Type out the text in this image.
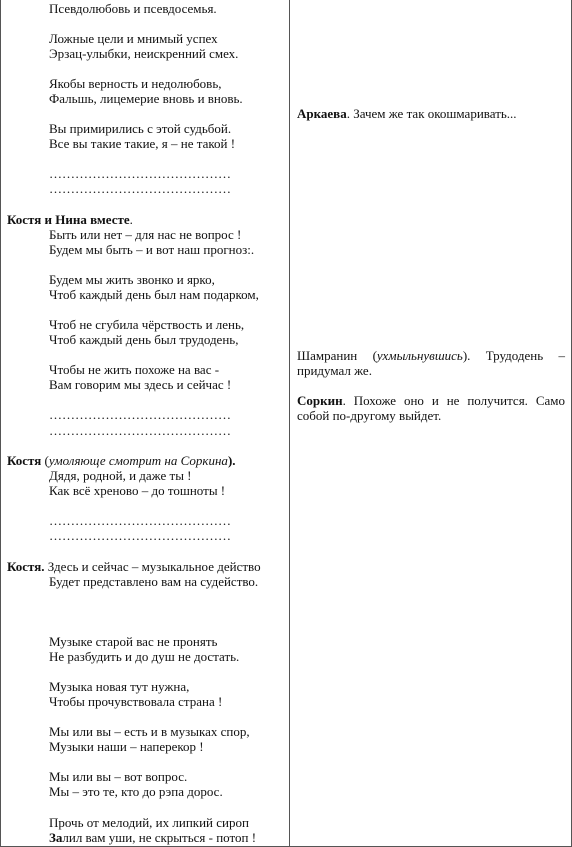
Псевдолюбовь и псевдосемья.
Ложные цели и мнимый успех
Эрзац-улыбки, неискренний смех.
Якобы верность и недолюбовь,
Фальшь, лицемерие вновь и вновь.
Вы примирились с этой судьбой.
Все вы такие такие, я – не такой !
……………………………………
……………………………………
Быть или нет – для нас не вопрос !
Будем мы быть – и вот наш прогноз:.
Будем мы жить звонко и ярко,
Чтоб каждый день был нам подарком,
Чтоб не сгубила чёрствость и лень,
Чтоб каждый день был трудодень,
Чтобы не жить похоже на вас -
Вам говорим мы здесь и сейчас !
……………………………………
……………………………………
Дядя, родной, и даже ты !
Как всё хреново – до тошноты !
……………………………………
……………………………………
Будет представлено вам на судейство.
Музыке старой вас не пронять
Не разбудить и до душ не достать.
Музыка новая тут нужна,
Чтобы прочувствовала страна !
Мы или вы – есть и в музыках спор,
Музыки наши – наперекор !
Мы или вы – вот вопрос.
Мы – это те, кто до рэпа дорос.
Прочь от мелодий, их липкий сироп
Костя и Нина вместе.
Костя (умоляюще смотрит на Соркина).
Костя. Здесь и сейчас – музыкальное действо
Залил вам уши, не скрыться - потоп !
Аркаева. Зачем же так окошмаривать...
Шамранин (ухмыльнувшись). Трудодень – придумал же.
Соркин. Похоже оно и не получится. Само собой по-другому выйдет.
